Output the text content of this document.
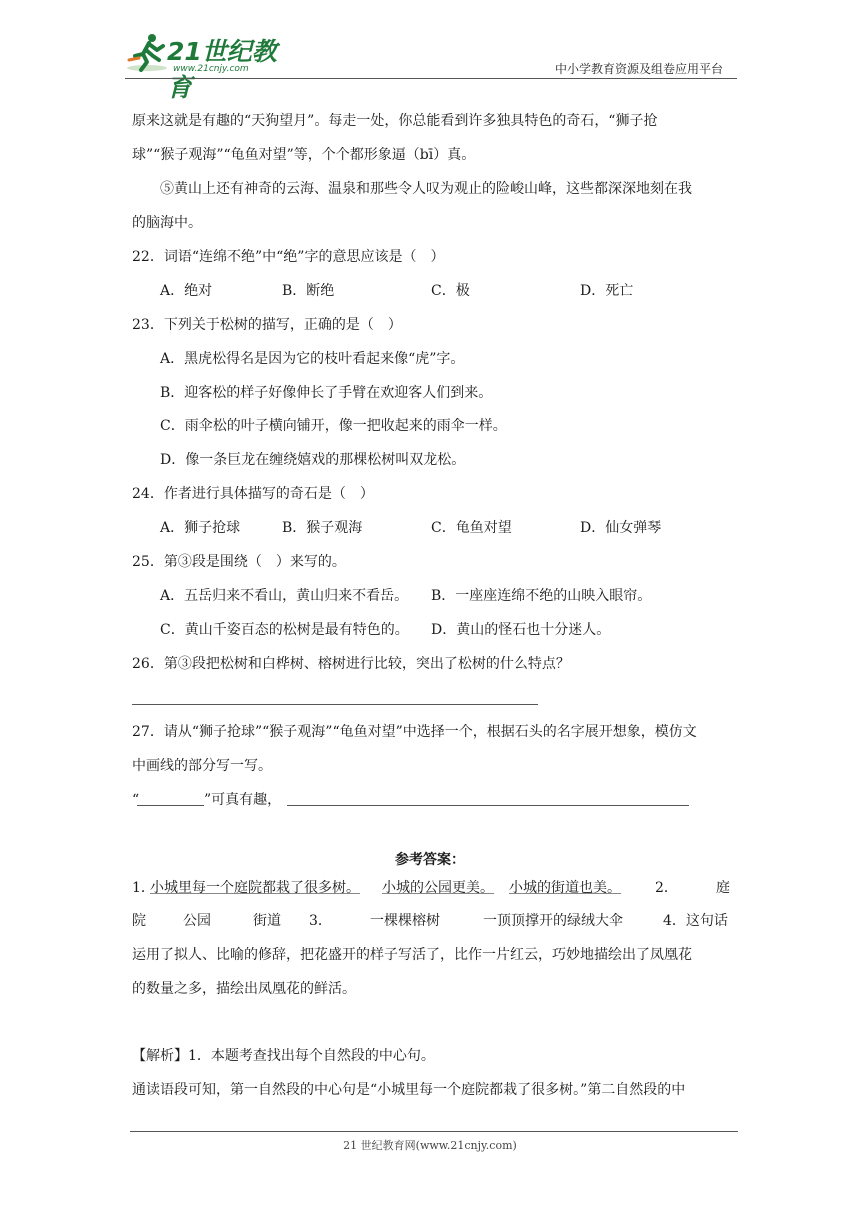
21世纪教育
www.21cnjy.com	中小学教育资源及组卷应用平台
原来这就是有趣的“天狗望月”。每走一处，你总能看到许多独具特色的奇石，“狮子抢
球”“猴子观海”“龟鱼对望”等，个个都形象逼（bī）真。
⑤黄山上还有神奇的云海、温泉和那些令人叹为观止的险峻山峰，这些都深深地刻在我
的脑海中。
22．词语“连绵不绝”中“绝”字的意思应该是（　）
A．绝对	B．断绝	C．极	D．死亡
23．下列关于松树的描写，正确的是（　）
A．黑虎松得名是因为它的枝叶看起来像“虎”字。
B．迎客松的样子好像伸长了手臂在欢迎客人们到来。
C．雨伞松的叶子横向铺开，像一把收起来的雨伞一样。
D．像一条巨龙在缠绕嬉戏的那棵松树叫双龙松。
24．作者进行具体描写的奇石是（　）
A．狮子抢球	B．猴子观海	C．龟鱼对望	D．仙女弹琴
25．第③段是围绕（　）来写的。
A．五岳归来不看山，黄山归来不看岳。 B．一座座连绵不绝的山映入眼帘。
C．黄山千姿百态的松树是最有特色的。 D．黄山的怪石也十分迷人。
26．第③段把松树和白桦树、榕树进行比较，突出了松树的什么特点？
27．请从“狮子抢球”“猴子观海”“龟鱼对望”中选择一个，根据石头的名字展开想象，模仿文
中画线的部分写一写。
“	”可真有趣，
参考答案：
1．
小城里每一个庭院都栽了很多树。 小城的公园更美。 小城的街道也美。 2．	庭
院	公园	街道 3．	一棵棵榕树	一顶顶撑开的绿绒大伞	4．这句话
运用了拟人、比喻的修辞，把花盛开的样子写活了，比作一片红云，巧妙地描绘出了凤凰花
的数量之多，描绘出凤凰花的鲜活。
【解析】1．本题考查找出每个自然段的中心句。
通读语段可知，第一自然段的中心句是“小城里每一个庭院都栽了很多树。”第二自然段的中
21 世纪教育网(www.21cnjy.com)
